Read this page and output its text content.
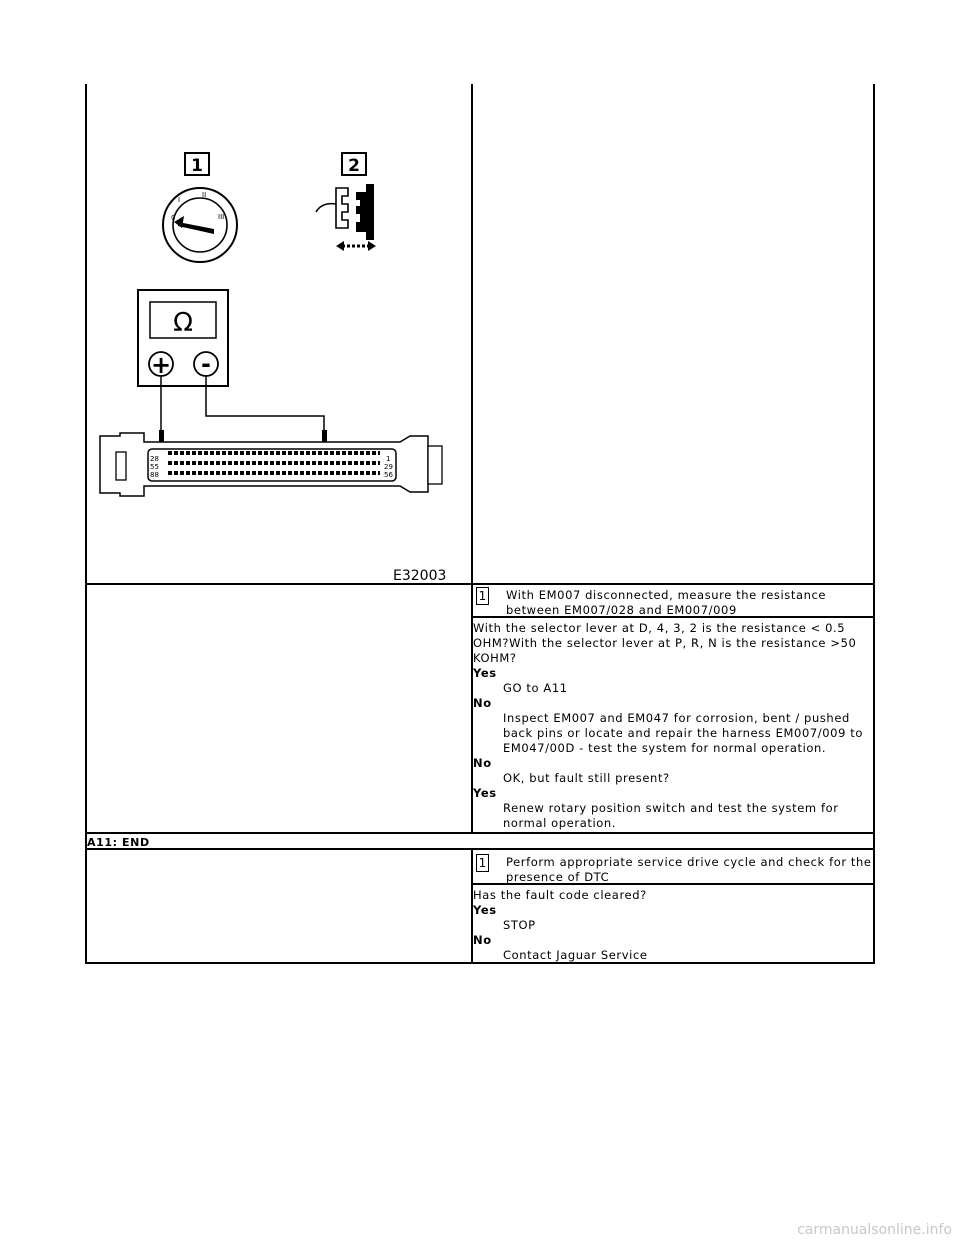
1	2
0
I
II
III
Ω
+ -
28
55
88
1
29
56
E32003
1 With EM007 disconnected, measure the resistance
between EM007/028 and EM007/009
With the selector lever at D, 4, 3, 2 is the resistance < 0.5
OHM?With the selector lever at P, R, N is the resistance >50
KOHM?
Yes
GO to A11
No
Inspect EM007 and EM047 for corrosion, bent / pushed
back pins or locate and repair the harness EM007/009 to
EM047/00D - test the system for normal operation.
No
OK, but fault still present?
Yes
Renew rotary position switch and test the system for
normal operation.
A11: END
1 Perform appropriate service drive cycle and check for the
presence of DTC
Has the fault code cleared?
Yes
STOP
No
Contact Jaguar Service
carmanualsonline.info
